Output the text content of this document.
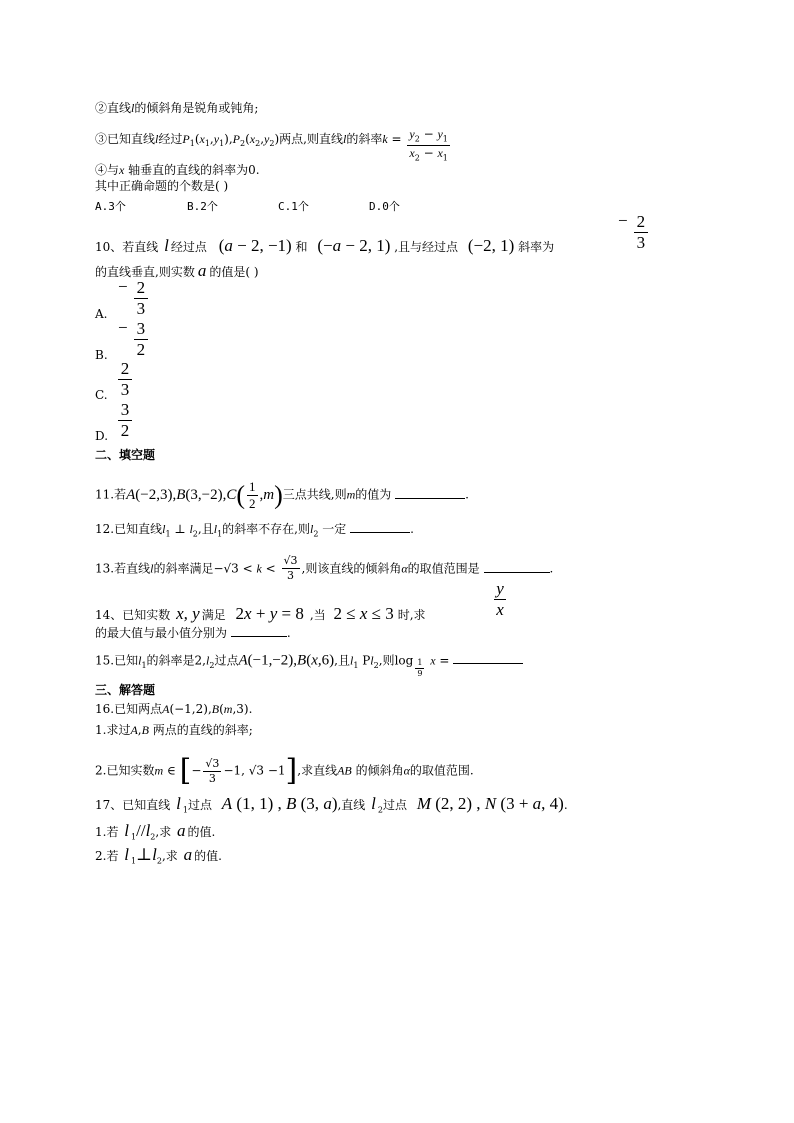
②直线l的倾斜角是锐角或钝角;
③已知直线l经过$P_1(x_1,y_1),P_2(x_2,y_2)$两点,则直线l的斜率$k = \frac{y_2 - y_1}{x_2 - x_1}$
④与x 轴垂直的直线的斜率为0.
其中正确命题的个数是( )
A.3个	B.2个	C.1个	D.0个
10、若直线 l 经过点 (a − 2, −1) 和 (−a − 2, 1) ,且与经过点 (−2, 1) 斜率为
− $\frac{2}{3}$
的直线垂直,则实数 a 的值是( )
− $\frac{2}{3}$
A.
− $\frac{3}{2}$
B.
$\frac{2}{3}$
C.
$\frac{3}{2}$
D.
二、填空题
11.若$A(-2,3),B(3,-2),C( \frac{1}{2} ,m)$三点共线,则m的值为	.
12.已知直线$l_1$ ⊥ $l_2$,且$l_1$的斜率不存在,则$l_2$ 一定	.
13.若直线l的斜率满足$-√3 < k < \frac{√3}{3}$ ,则该直线的倾斜角α的取值范围是	.
14、已知实数 x, y 满足 2x + y = 8 ,当 2 ≤ x ≤ 3 时,求	$\frac{y}{x}$
的最大值与最小值分别为	.
15.已知$l_1$的斜率是$2,l_2$过点A(−1,−2),B(x,6),且$l_1$ $Pl_2$,则$\log \frac{1}{9}$ x =
三、解答题
16.已知两点A(−1,2),B(m,3).
1.求过A,B 两点的直线的斜率;
2.已知实数m ∈ [− $\frac{√3}{3} -1$, √3 −1],求直线AB 的倾斜角α的取值范围.
17、已知直线 l $_1$过点 A (1, 1) , B (3, a),直线 l $_2$过点 M (2, 2) , N (3 + a, 4).
1.若 l $_1//l_2$,求 a 的值.
2.若 l $_1\perp l_2$,求 a 的值.
